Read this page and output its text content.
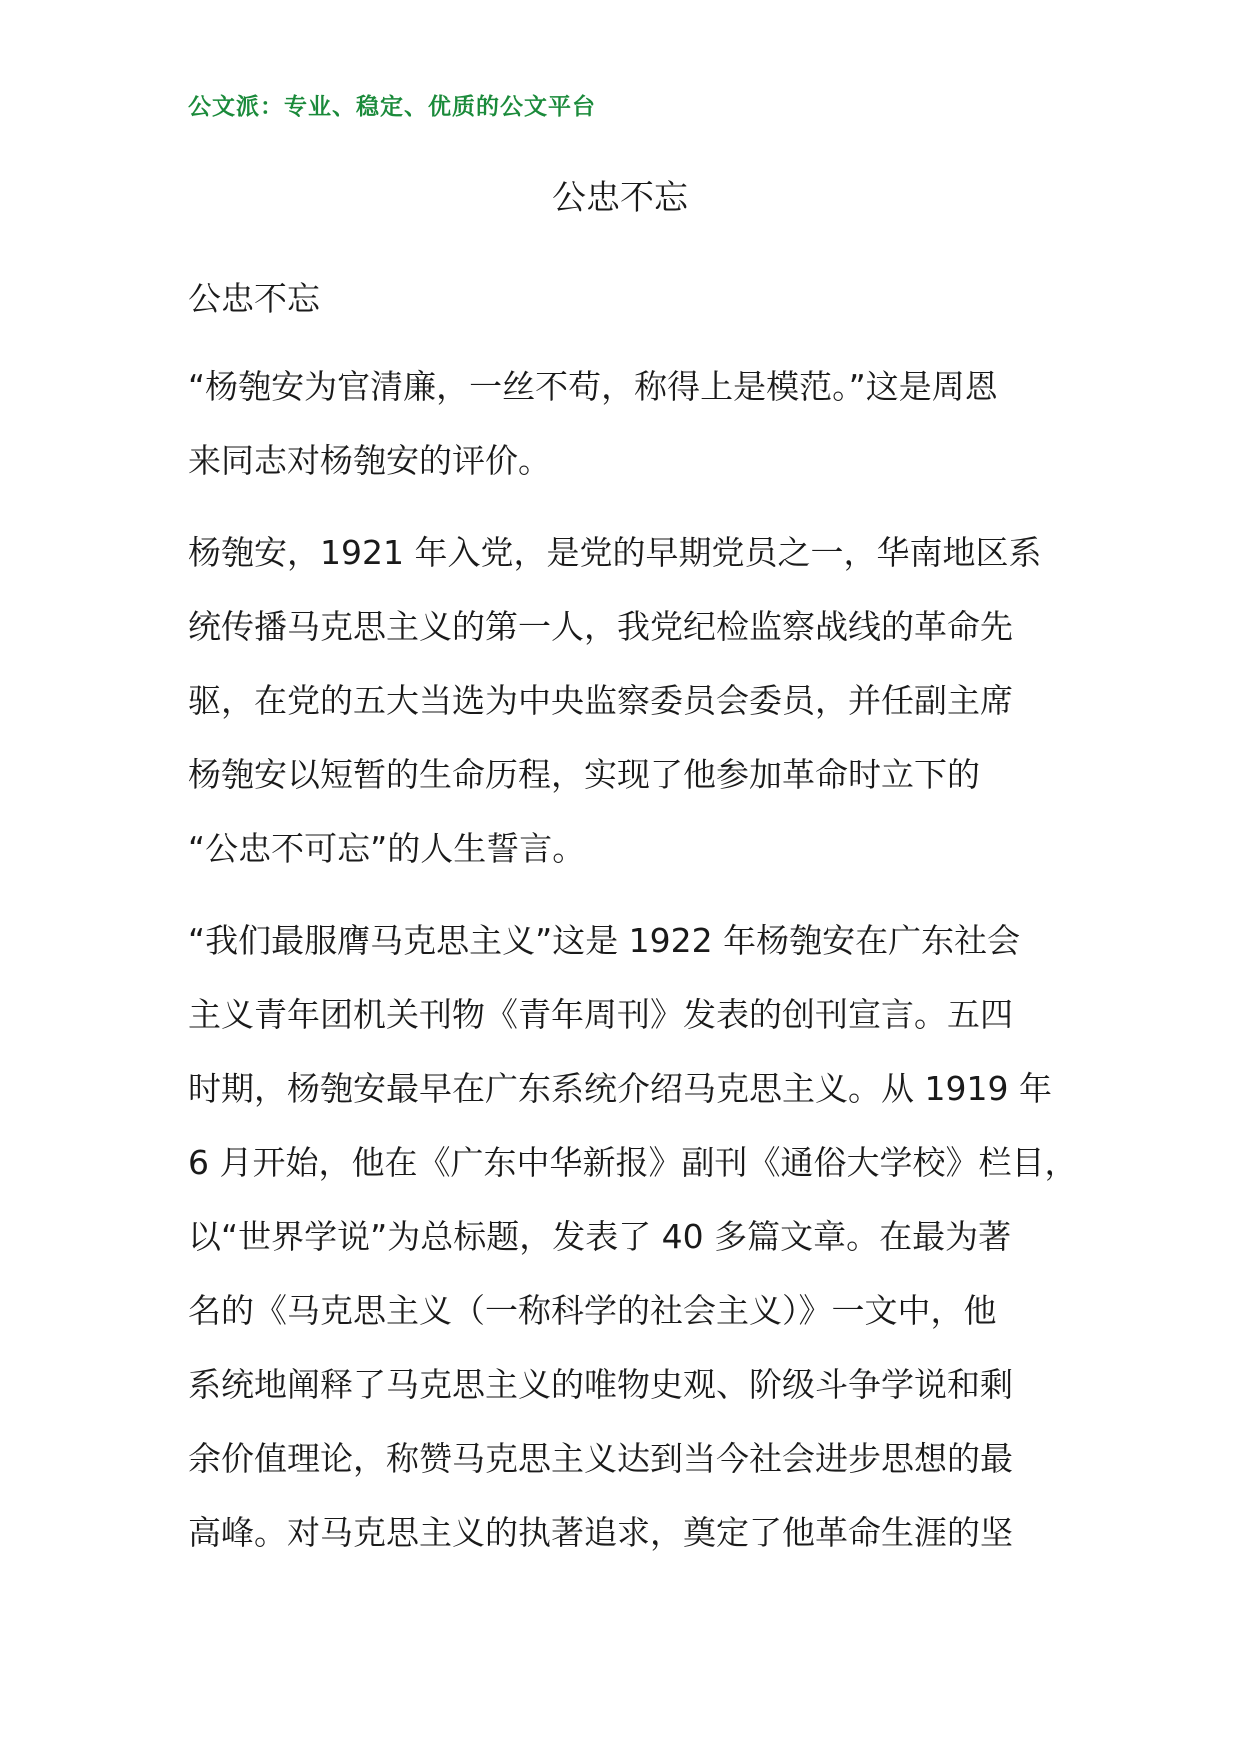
公文派：专业、稳定、优质的公文平台
公忠不忘

公忠不忘

“杨匏安为官清廉，一丝不苟，称得上是模范。”这是周恩
来同志对杨匏安的评价。
杨匏安，1921 年入党，是党的早期党员之一，华南地区系
统传播马克思主义的第一人，我党纪检监察战线的革命先
驱，在党的五大当选为中央监察委员会委员，并任副主席
杨匏安以短暂的生命历程，实现了他参加革命时立下的
“公忠不可忘”的人生誓言。
“我们最服膺马克思主义”这是 1922 年杨匏安在广东社会
主义青年团机关刊物《青年周刊》发表的创刊宣言。五四
时期，杨匏安最早在广东系统介绍马克思主义。从 1919 年
6 月开始，他在《广东中华新报》副刊《通俗大学校》栏目，
以“世界学说”为总标题，发表了 40 多篇文章。在最为著
名的《马克思主义（一称科学的社会主义）》一文中，他
系统地阐释了马克思主义的唯物史观、阶级斗争学说和剩
余价值理论，称赞马克思主义达到当今社会进步思想的最
高峰。对马克思主义的执著追求，奠定了他革命生涯的坚
